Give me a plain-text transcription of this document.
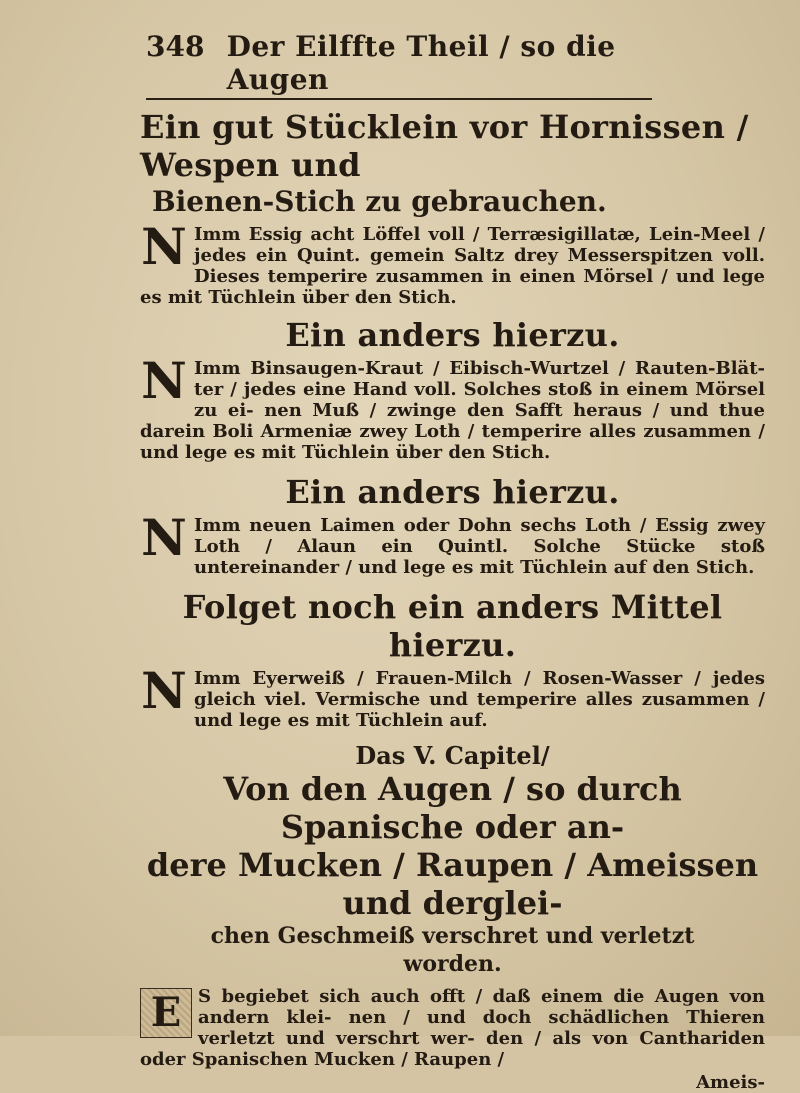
348 Der Eilffte Theil / so die Augen
Ein gut Stücklein vor Hornissen / Wespen und
Bienen-Stich zu gebrauchen.
N Imm Essig acht Löffel voll / Terræsigillatæ, Lein-Meel / jedes ein Quint. gemein Saltz drey Messerspitzen voll. Dieses temperire zusammen in einen Mörsel / und lege es mit Tüchlein über den Stich.
Ein anders hierzu.
N Imm Binsaugen-Kraut / Eibisch-Wurtzel / Rauten-Blät- ter / jedes eine Hand voll. Solches stoß in einem Mörsel zu ei- nen Muß / zwinge den Safft heraus / und thue darein Boli Armeniæ zwey Loth / temperire alles zusammen / und lege es mit Tüchlein über den Stich.
Ein anders hierzu.
N Imm neuen Laimen oder Dohn sechs Loth / Essig zwey Loth / Alaun ein Quintl. Solche Stücke stoß untereinander / und lege es mit Tüchlein auf den Stich.
Folget noch ein anders Mittel hierzu.
N Imm Eyerweiß / Frauen-Milch / Rosen-Wasser / jedes gleich viel. Vermische und temperire alles zusammen / und lege es mit Tüchlein auf.
Das V. Capitel/
Von den Augen / so durch Spanische oder an-
dere Mucken / Raupen / Ameissen und derglei-
chen Geschmeiß verschret und verletzt
worden.
E S begiebet sich auch offt / daß einem die Augen von andern klei- nen / und doch schädlichen Thieren verletzt und verschrt wer- den / als von Canthariden oder Spanischen Mucken / Raupen /
Ameis-
